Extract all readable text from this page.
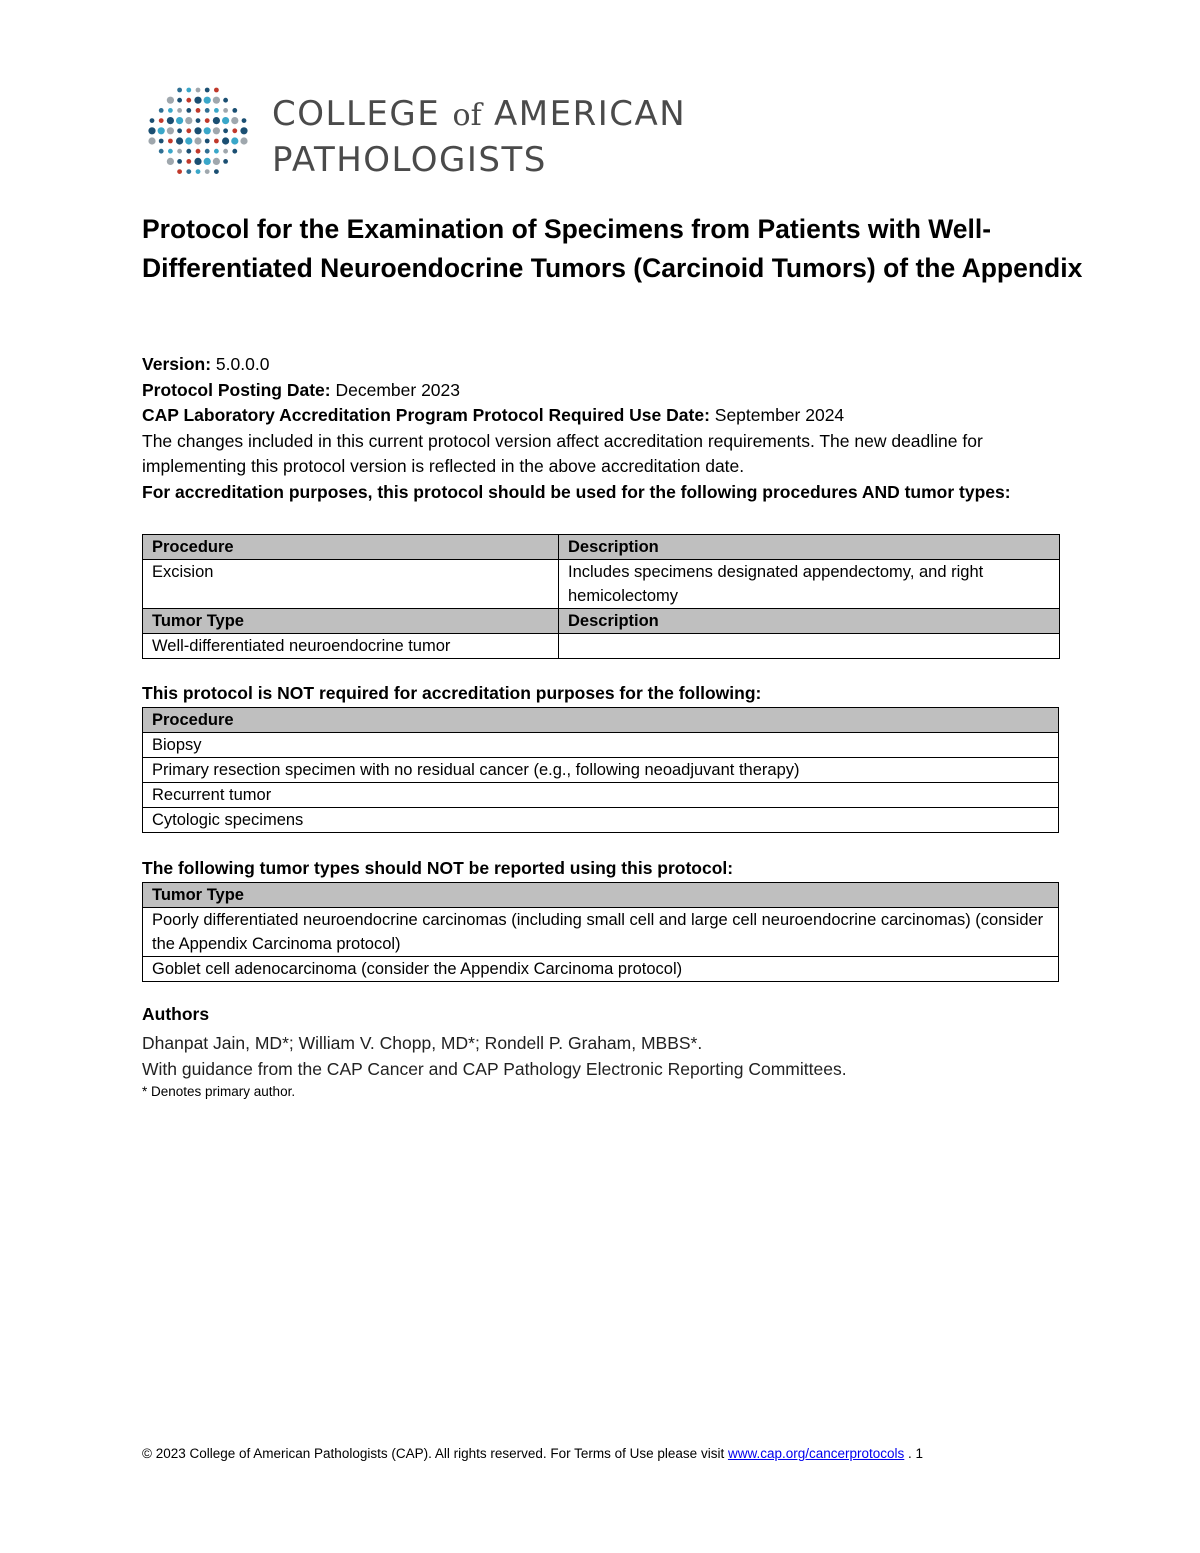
COLLEGE of AMERICAN
PATHOLOGISTS
Protocol for the Examination of Specimens from Patients with Well-Differentiated Neuroendocrine Tumors (Carcinoid Tumors) of the Appendix

Version: 5.0.0.0

Protocol Posting Date: December 2023

CAP Laboratory Accreditation Program Protocol Required Use Date: September 2024

The changes included in this current protocol version affect accreditation requirements. The new deadline for implementing this protocol version is reflected in the above accreditation date.

For accreditation purposes, this protocol should be used for the following procedures AND tumor types:

Procedure	Description
Excision	Includes specimens designated appendectomy, and right hemicolectomy
Tumor Type	Description
Well-differentiated neuroendocrine tumor	
This protocol is NOT required for accreditation purposes for the following:
Procedure
Biopsy
Primary resection specimen with no residual cancer (e.g., following neoadjuvant therapy)
Recurrent tumor
Cytologic specimens
The following tumor types should NOT be reported using this protocol:
Tumor Type
Poorly differentiated neuroendocrine carcinomas (including small cell and large cell neuroendocrine carcinomas) (consider the Appendix Carcinoma protocol)
Goblet cell adenocarcinoma (consider the Appendix Carcinoma protocol)
Authors

Dhanpat Jain, MD*; William V. Chopp, MD*; Rondell P. Graham, MBBS*.

With guidance from the CAP Cancer and CAP Pathology Electronic Reporting Committees.

* Denotes primary author.

© 2023 College of American Pathologists (CAP). All rights reserved. For Terms of Use please visit www.cap.org/cancerprotocols . 1
